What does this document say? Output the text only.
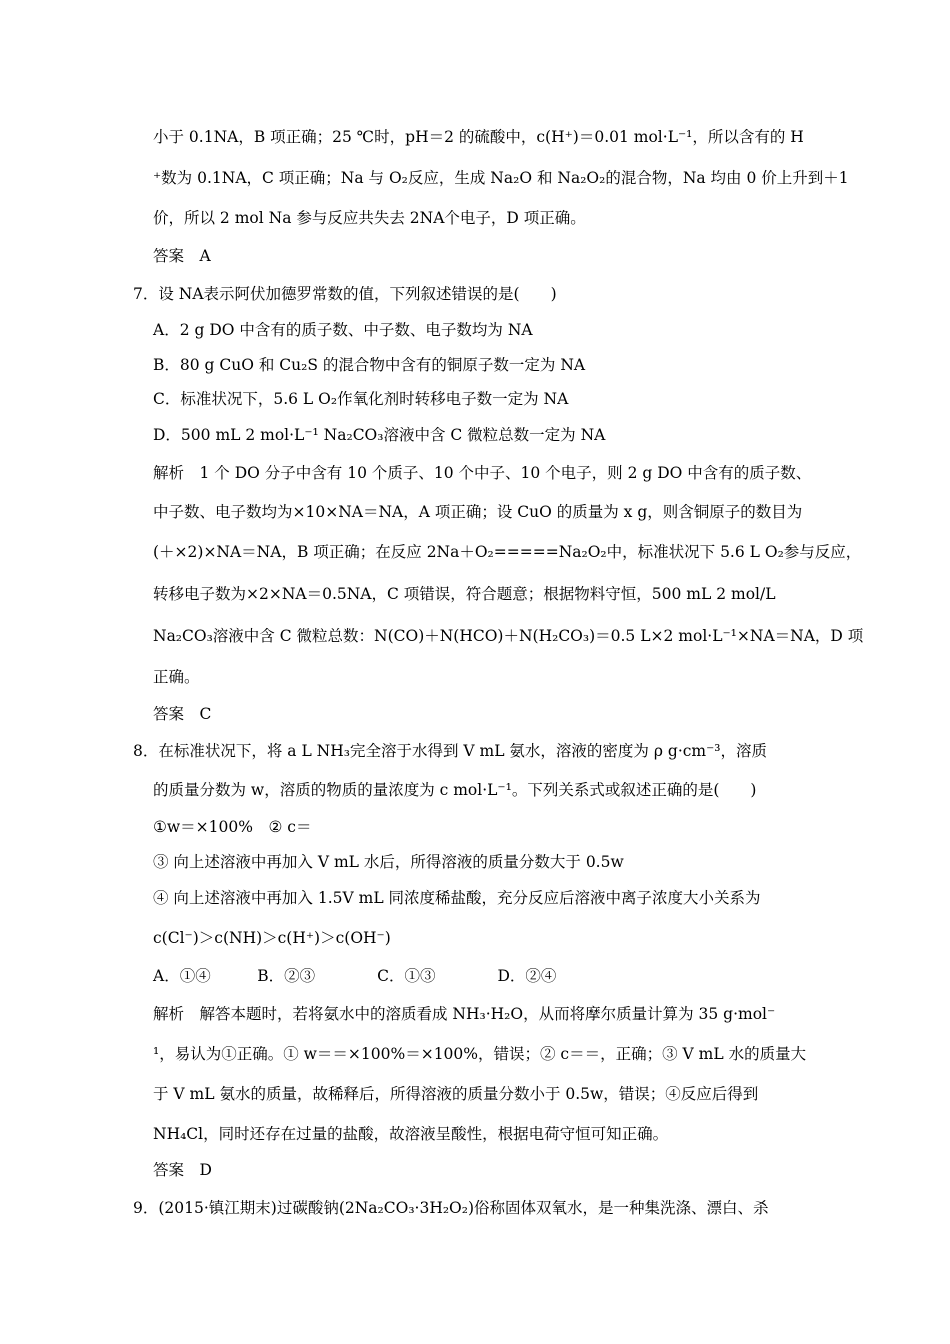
小于 0.1NA，B 项正确；25 ℃时，pH＝2 的硫酸中，c(H⁺)＝0.01 mol·L⁻¹，所以含有的 H
⁺数为 0.1NA，C 项正确；Na 与 O₂反应，生成 Na₂O 和 Na₂O₂的混合物，Na 均由 0 价上升到＋1
价，所以 2 mol Na 参与反应共失去 2NA个电子，D 项正确。
答案　A
7．设 NA表示阿伏加德罗常数的值，下列叙述错误的是(　　)
A．2 g DO 中含有的质子数、中子数、电子数均为 NA
B．80 g CuO 和 Cu₂S 的混合物中含有的铜原子数一定为 NA
C．标准状况下，5.6 L O₂作氧化剂时转移电子数一定为 NA
D．500 mL 2 mol·L⁻¹ Na₂CO₃溶液中含 C 微粒总数一定为 NA
解析　1 个 DO 分子中含有 10 个质子、10 个中子、10 个电子，则 2 g DO 中含有的质子数、
中子数、电子数均为×10×NA＝NA，A 项正确；设 CuO 的质量为 x g，则含铜原子的数目为
(＋×2)×NA＝NA，B 项正确；在反应 2Na＋O₂=====Na₂O₂中，标准状况下 5.6 L O₂参与反应，
转移电子数为×2×NA＝0.5NA，C 项错误，符合题意；根据物料守恒，500 mL 2 mol/L
Na₂CO₃溶液中含 C 微粒总数：N(CO)＋N(HCO)＋N(H₂CO₃)＝0.5 L×2 mol·L⁻¹×NA＝NA，D 项
正确。
答案　C
8．在标准状况下，将 a L NH₃完全溶于水得到 V mL 氨水，溶液的密度为 ρ g·cm⁻³，溶质
的质量分数为 w，溶质的物质的量浓度为 c mol·L⁻¹。下列关系式或叙述正确的是(　　)
①w＝×100%　② c＝
③ 向上述溶液中再加入 V mL 水后，所得溶液的质量分数大于 0.5w
④ 向上述溶液中再加入 1.5V mL 同浓度稀盐酸，充分反应后溶液中离子浓度大小关系为
c(Cl⁻)＞c(NH)＞c(H⁺)＞c(OH⁻)
A．①④　　　B．②③　　　　C．①③　　　　D．②④
解析　解答本题时，若将氨水中的溶质看成 NH₃·H₂O，从而将摩尔质量计算为 35 g·mol⁻
¹，易认为①正确。① w＝＝×100%＝×100%，错误；② c＝＝，正确；③ V mL 水的质量大
于 V mL 氨水的质量，故稀释后，所得溶液的质量分数小于 0.5w，错误；④反应后得到
NH₄Cl，同时还存在过量的盐酸，故溶液呈酸性，根据电荷守恒可知正确。
答案　D
9．(2015·镇江期末)过碳酸钠(2Na₂CO₃·3H₂O₂)俗称固体双氧水，是一种集洗涤、漂白、杀
